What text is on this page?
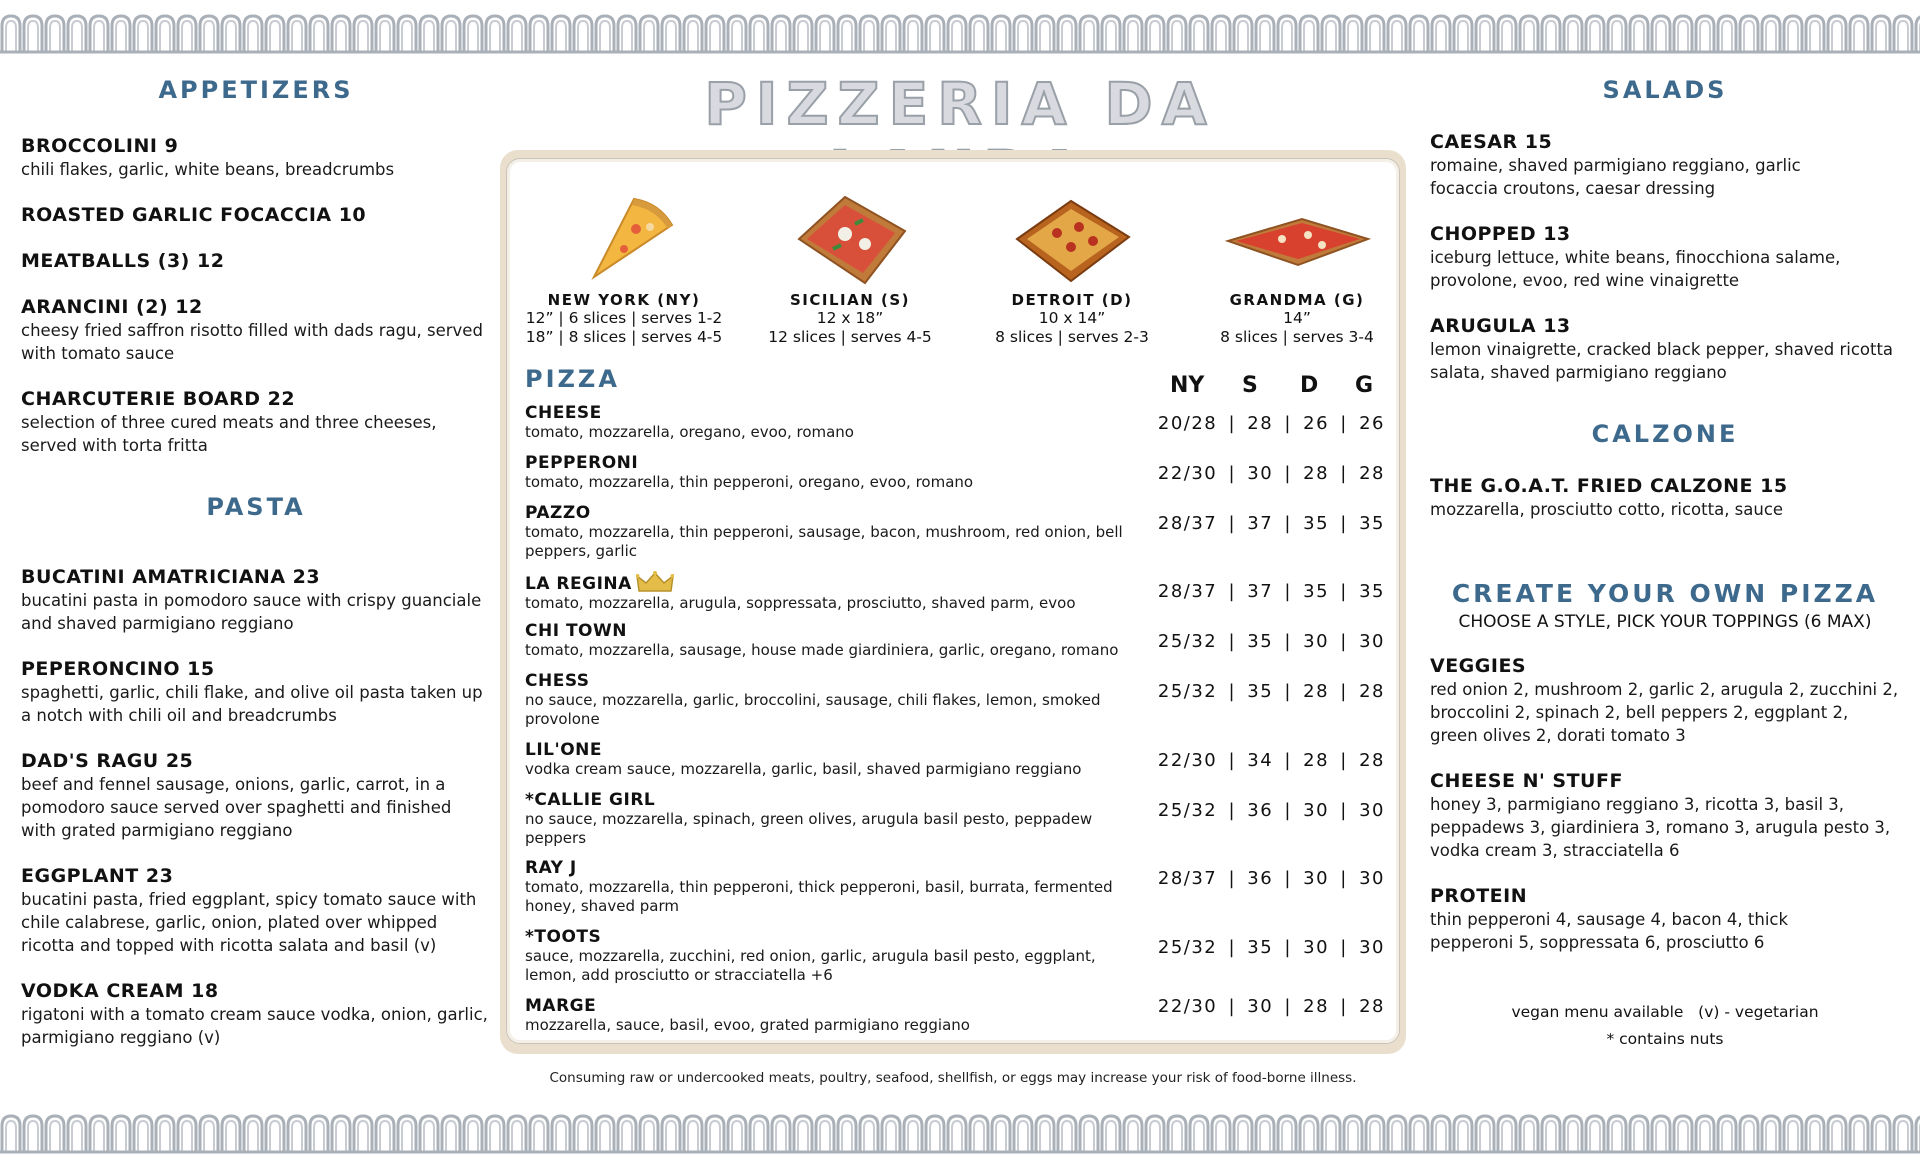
PIZZERIA DA
APPETIZERS
BROCCOLINI 9
chili flakes, garlic, white beans, breadcrumbs
ROASTED GARLIC FOCACCIA 10
MEATBALLS (3) 12
ARANCINI (2) 12
cheesy fried saffron risotto filled with dads ragu, served with tomato sauce
CHARCUTERIE BOARD 22
selection of three cured meats and three cheeses, served with torta fritta
PASTA
BUCATINI AMATRICIANA 23
bucatini pasta in pomodoro sauce with crispy guanciale and shaved parmigiano reggiano
PEPERONCINO 15
spaghetti, garlic, chili flake, and olive oil pasta taken up a notch with chili oil and breadcrumbs
DAD'S RAGU 25
beef and fennel sausage, onions, garlic, carrot, in a pomodoro sauce served over spaghetti and finished with grated parmigiano reggiano
EGGPLANT 23
bucatini pasta, fried eggplant, spicy tomato sauce with chile calabrese, garlic, onion, plated over whipped ricotta and topped with ricotta salata and basil (v)
VODKA CREAM 18
rigatoni with a tomato cream sauce vodka, onion, garlic, parmigiano reggiano (v)
NEW YORK (NY)
12” | 6 slices | serves 1-2
18” | 8 slices | serves 4-5
SICILIAN (S)
12 x 18”
12 slices | serves 4-5
DETROIT (D)
10 x 14”
8 slices | serves 2-3
GRANDMA (G)
14”
8 slices | serves 3-4
PIZZA	NY S D G
CHEESE
tomato, mozzarella, oregano, evoo, romano	20/28 | 28 | 26 | 26
PEPPERONI
tomato, mozzarella, thin pepperoni, oregano, evoo, romano	22/30 | 30 | 28 | 28
PAZZO
tomato, mozzarella, thin pepperoni, sausage, bacon, mushroom, red onion, bell peppers, garlic
28/37 | 37 | 35 | 35
LA REGINA
tomato, mozzarella, arugula, soppressata, prosciutto, shaved parm, evoo
28/37 | 37 | 35 | 35
CHI TOWN
tomato, mozzarella, sausage, house made giardiniera, garlic, oregano, romano	25/32 | 35 | 30 | 30
CHESS
no sauce, mozzarella, garlic, broccolini, sausage, chili flakes, lemon, smoked provolone
25/32 | 35 | 28 | 28
LIL'ONE
vodka cream sauce, mozzarella, garlic, basil, shaved parmigiano reggiano	22/30 | 34 | 28 | 28
*CALLIE GIRL
no sauce, mozzarella, spinach, green olives, arugula basil pesto, peppadew peppers
25/32 | 36 | 30 | 30
RAY J
tomato, mozzarella, thin pepperoni, thick pepperoni, basil, burrata, fermented honey, shaved parm
28/37 | 36 | 30 | 30
*TOOTS
sauce, mozzarella, zucchini, red onion, garlic, arugula basil pesto, eggplant, lemon, add prosciutto or stracciatella +6
25/32 | 35 | 30 | 30
MARGE
mozzarella, sauce, basil, evoo, grated parmigiano reggiano
22/30 | 30 | 28 | 28
SALADS
CAESAR 15
romaine, shaved parmigiano reggiano, garlic focaccia croutons, caesar dressing
CHOPPED 13
iceburg lettuce, white beans, finocchiona salame, provolone, evoo, red wine vinaigrette
ARUGULA 13
lemon vinaigrette, cracked black pepper, shaved ricotta salata, shaved parmigiano reggiano
CALZONE
THE G.O.A.T. FRIED CALZONE 15
mozzarella, prosciutto cotto, ricotta, sauce
CREATE YOUR OWN PIZZA
CHOOSE A STYLE, PICK YOUR TOPPINGS (6 MAX)
VEGGIES
red onion 2, mushroom 2, garlic 2, arugula 2, zucchini 2, broccolini 2, spinach 2, bell peppers 2, eggplant 2, green olives 2, dorati tomato 3
CHEESE N' STUFF
honey 3, parmigiano reggiano 3, ricotta 3, basil 3, peppadews 3, giardiniera 3, romano 3, arugula pesto 3, vodka cream 3, stracciatella 6
PROTEIN
thin pepperoni 4, sausage 4, bacon 4, thick pepperoni 5, soppressata 6, prosciutto 6
vegan menu available   (v) - vegetarian
* contains nuts
Consuming raw or undercooked meats, poultry, seafood, shellfish, or eggs may increase your risk of food-borne illness.
